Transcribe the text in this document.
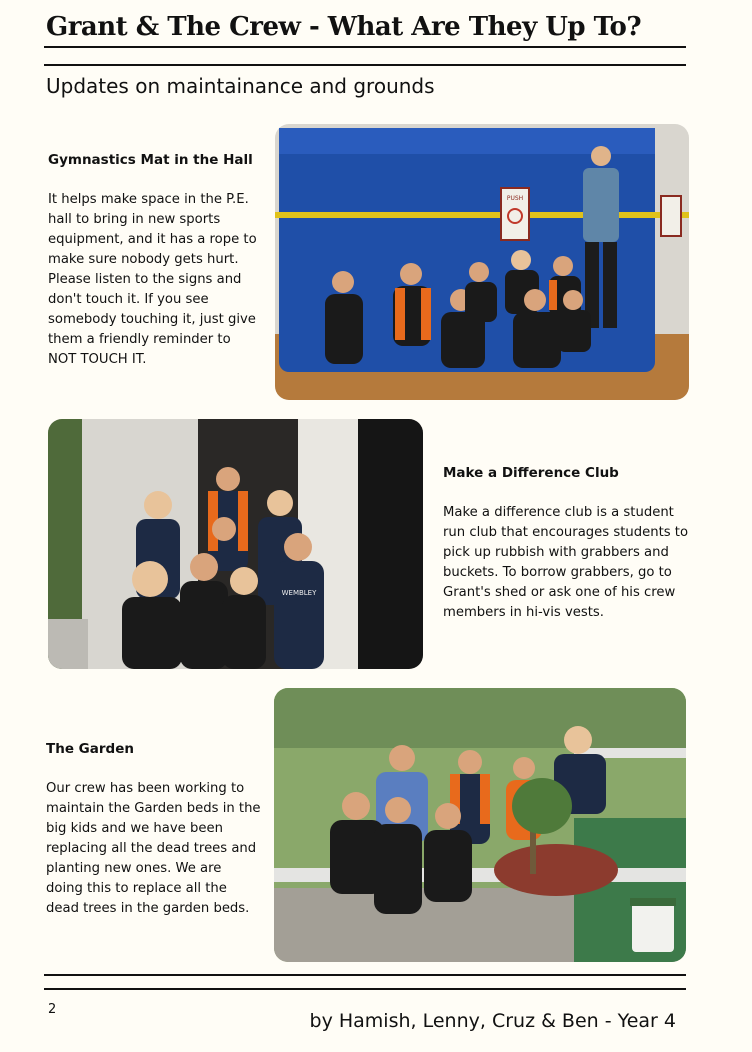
Grant & The Crew - What Are They Up To?
Updates on maintainance and grounds
Gymnastics Mat in the Hall

It helps make space in the P.E. hall to bring in new sports equipment, and it has a rope to make sure nobody gets hurt. Please listen to the signs and don't touch it. If you see somebody touching it, just give them a friendly reminder to NOT TOUCH IT.

PUSH
WEMBLEY
Make a Difference Club

Make a difference club is a student run club that encourages students to pick up rubbish with grabbers and buckets. To borrow grabbers, go to Grant's shed or ask one of his crew members in hi-vis vests.

The Garden

Our crew has been working to maintain the Garden beds in the big kids and we have been replacing all the dead trees and planting new ones. We are doing this to replace all the dead trees in the garden beds.

2
by Hamish, Lenny, Cruz & Ben - Year 4
